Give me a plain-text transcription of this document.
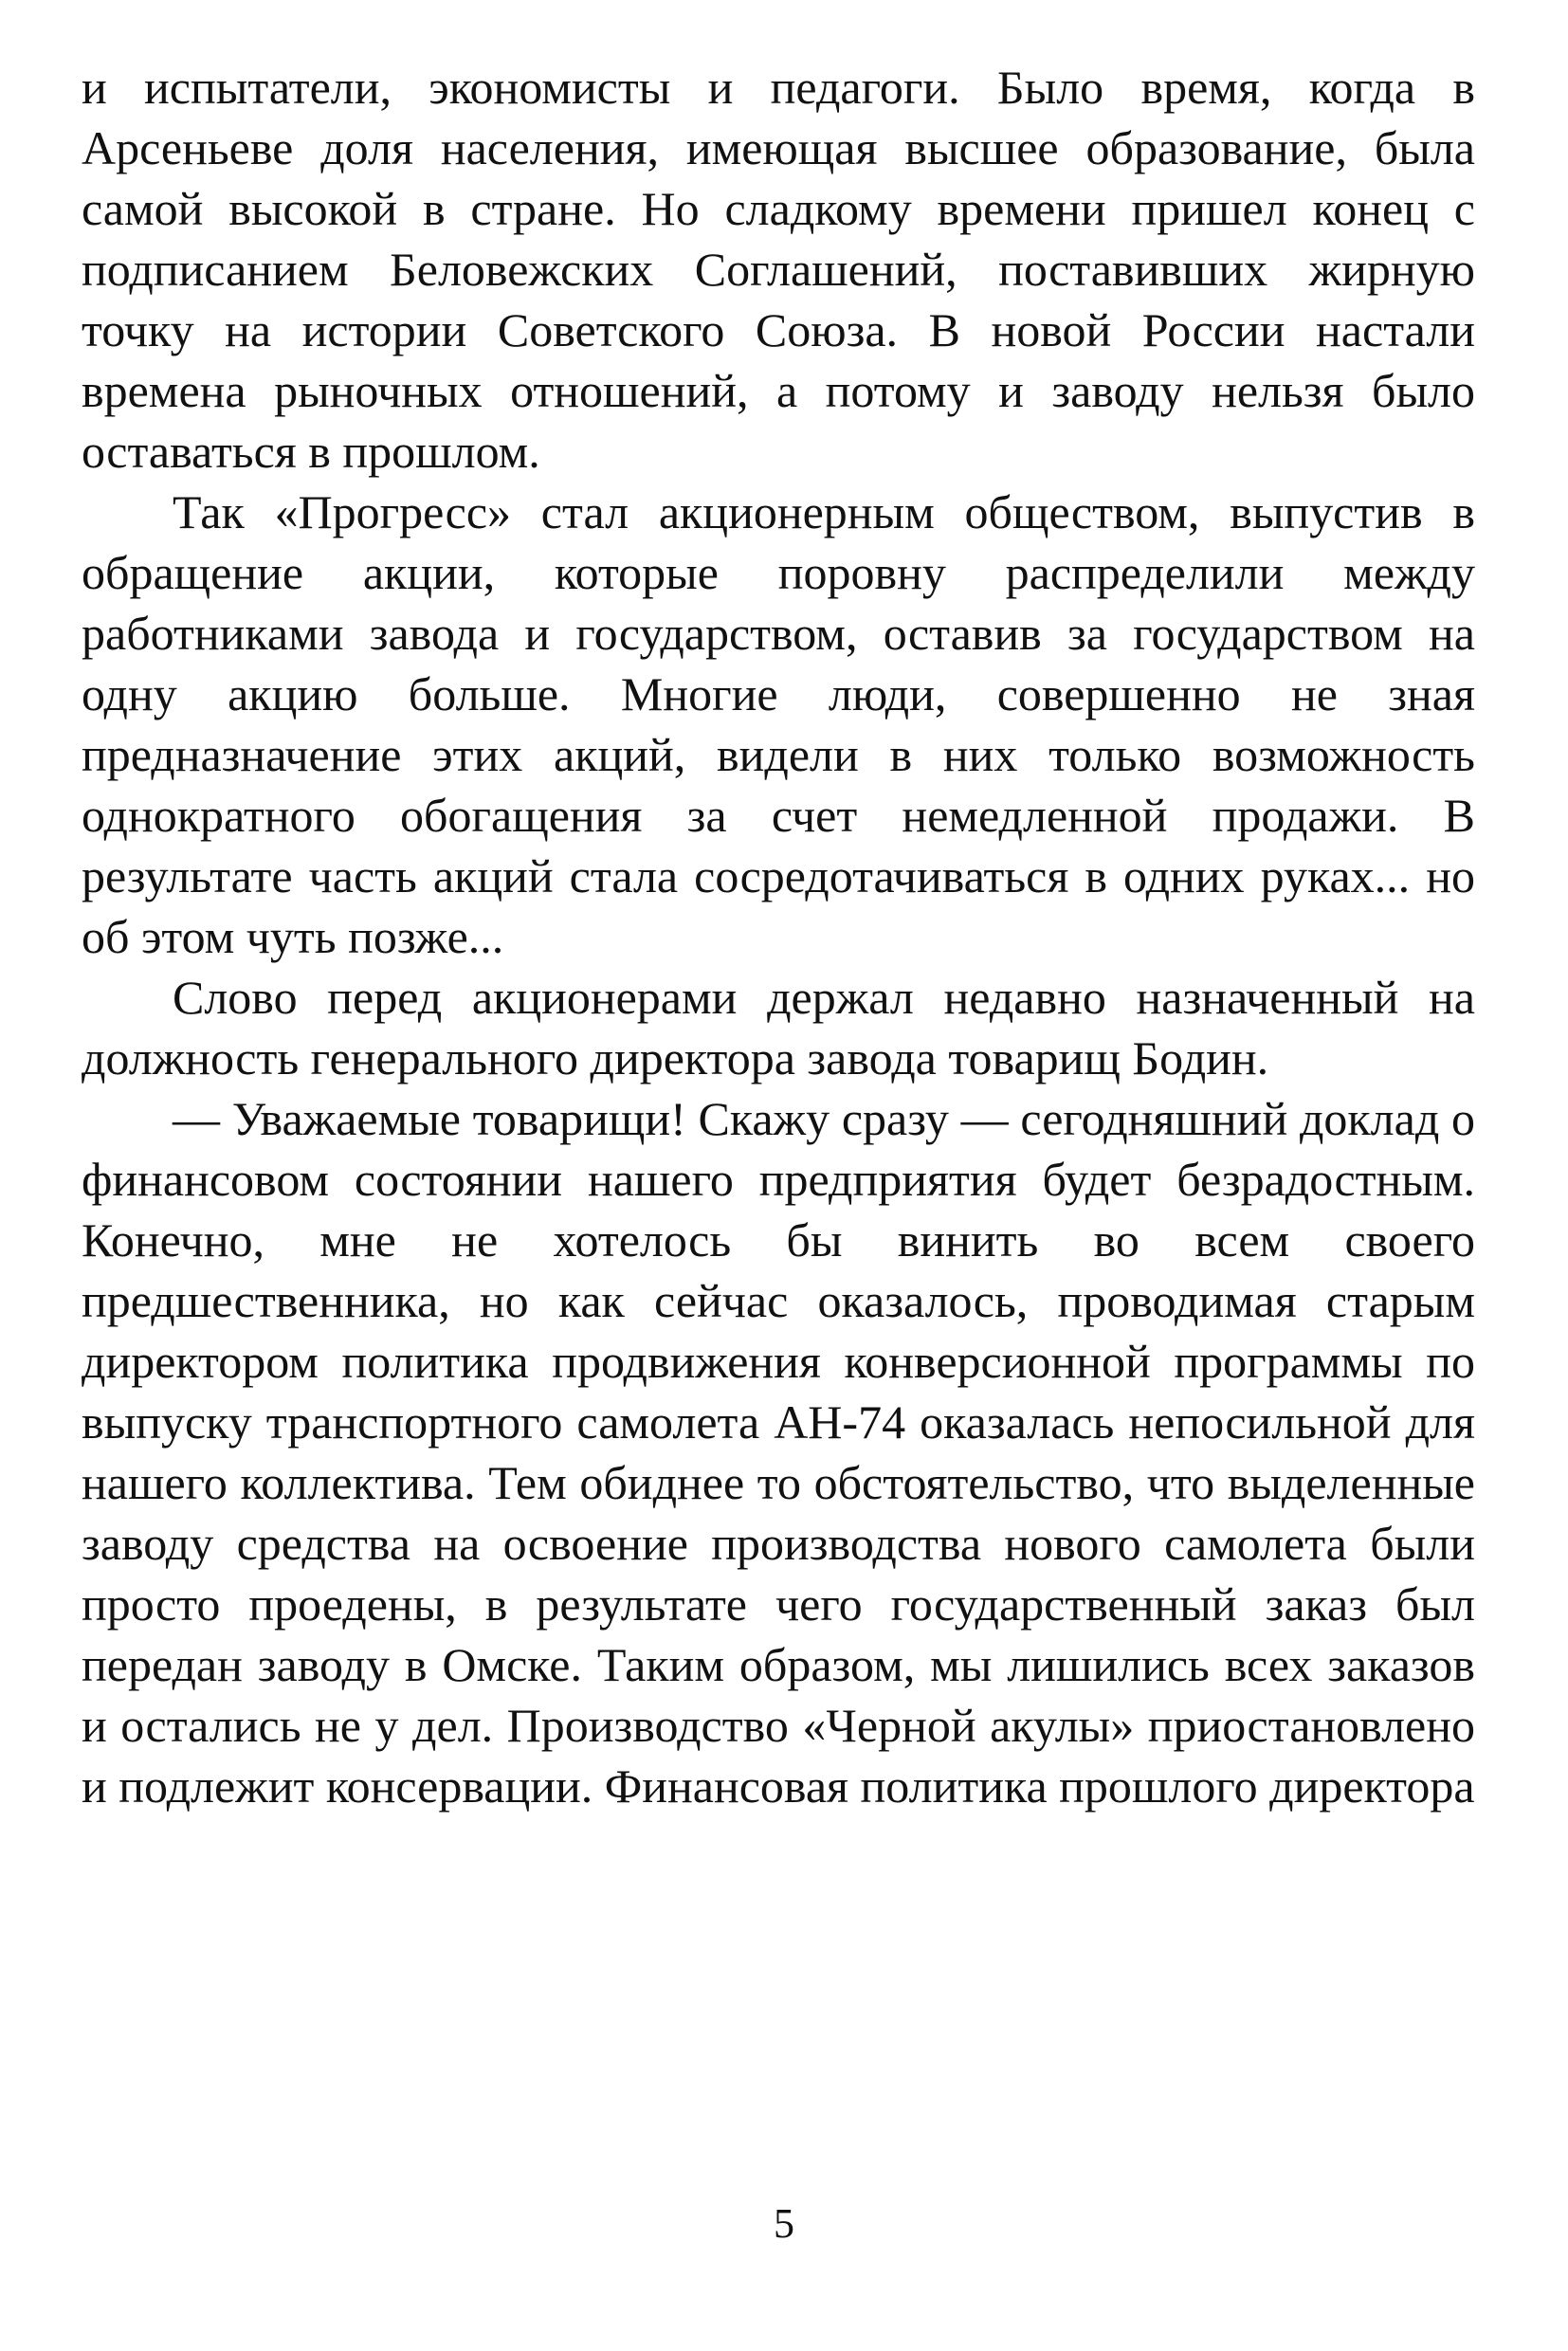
и испытатели, экономисты и педагоги. Было время, когда в Арсеньеве доля населения, имеющая высшее образование, была самой высокой в стране. Но сладкому времени пришел конец с подписанием Беловежских Соглашений, поставивших жирную точку на истории Советского Союза. В новой России настали времена рыночных отношений, а потому и заводу нельзя было оставаться в прошлом.

Так «Прогресс» стал акционерным обществом, выпустив в обращение акции, которые поровну распределили между работниками завода и государством, оставив за государством на одну акцию больше. Многие люди, совершенно не зная предназначение этих акций, видели в них только возможность однократного обогащения за счет немедленной продажи. В результате часть акций стала сосредотачиваться в одних руках... но об этом чуть позже...

Слово перед акционерами держал недавно назначенный на должность генерального директора завода товарищ Бодин.

— Уважаемые товарищи! Скажу сразу — сегодняшний доклад о финансовом состоянии нашего предприятия будет безрадостным. Конечно, мне не хотелось бы винить во всем своего предшественника, но как сейчас оказалось, проводимая старым директором политика продвижения конверсионной программы по выпуску транспортного самолета АН-74 оказалась непосильной для нашего коллектива. Тем обиднее то обстоятельство, что выделенные заводу средства на освоение производства нового самолета были просто проедены, в результате чего государственный заказ был передан заводу в Омске. Таким образом, мы лишились всех заказов и остались не у дел. Производство «Черной акулы» приостановлено и подлежит консервации. Финансовая политика прошлого директора

5
